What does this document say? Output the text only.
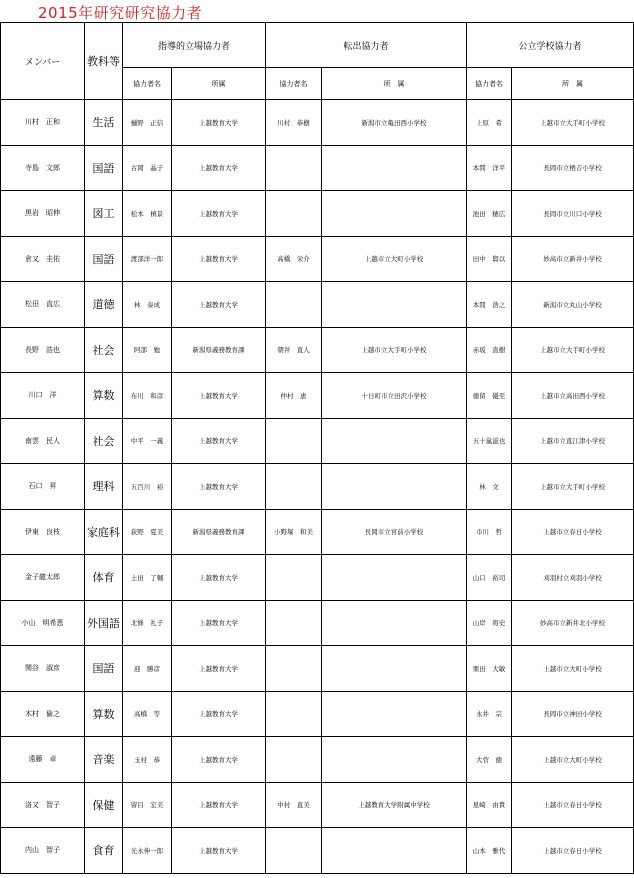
2015年研究研究協力者
メンバー	教科等	指導的立場協力者		転出協力者		公立学校協力者	
		協力者名	所属	協力者名	所　属	協力者名	所　属
川村　正和	生活	樋野　正信	上越教育大学	川村　恭樹	新潟市立亀田西小学校	上原　希	上越市立大手町小学校
寺島　文郎	国語	古岡　晶子	上越教育大学			本間　洋平	長岡市立栖吉小学校
黒岩　昭伸	図工	松本　槙景	上越教育大学			池田　穂広	長岡市立川口小学校
倉又　圭佑	国語	渡部洋一郎	上越教育大学	高橋　栄介	上越市立大町小学校	田中　賢以	妙高市立新井小学校
松田　直広	道徳	林　泰成	上越教育大学			本間　浩之	新潟市立丸山小学校
長野　浩也	社会	阿部　勉	新潟県義務教育課	朝井　直人	上越市立大手町小学校	赤坂　直樹	上越市立大手町小学校
川口　洋	算数	布川　和彦	上越教育大学	仲村　恵	十日町市立田沢小学校	徳留　優至	上越市立高田西小学校
南雲　民人	社会	中平　一義	上越教育大学			五十嵐滋也	上越市立直江津小学校
石口　昇	理科	五百川　裕	上越教育大学			林　文	上越市立大手町小学校
伊東　良枝	家庭科	荻野　夏美	新潟県義務教育課	小野塚　和美	長岡市立宮前小学校	市川　哲	上越市立春日小学校
金子龍太郎	体育	土田　了輔	上越教育大学			山口　裕司	刈羽村立刈羽小学校
小山　明希恵	外国語	北條　礼子	上越教育大学			山岸　将史	妙高市立新井北小学校
関谷　淑彦	国語	迎　勝彦	上越教育大学			栗田　大敏	上越市立大町小学校
木村　倫之	算数	高橋　等	上越教育大学			永井　宗	長岡市立神田小学校
遠藤　卓	音楽	玉村　恭	上越教育大学			大菅　徳	上越市立大町小学校
洛又　智子	保健	留目　宏美	上越教育大学	中村　直美	上越教育大学附属中学校	星崎　由貴	上越市立春日小学校
内山　智子	食育	光永伸一郎	上越教育大学			山本　雅代	上越市立春日小学校
